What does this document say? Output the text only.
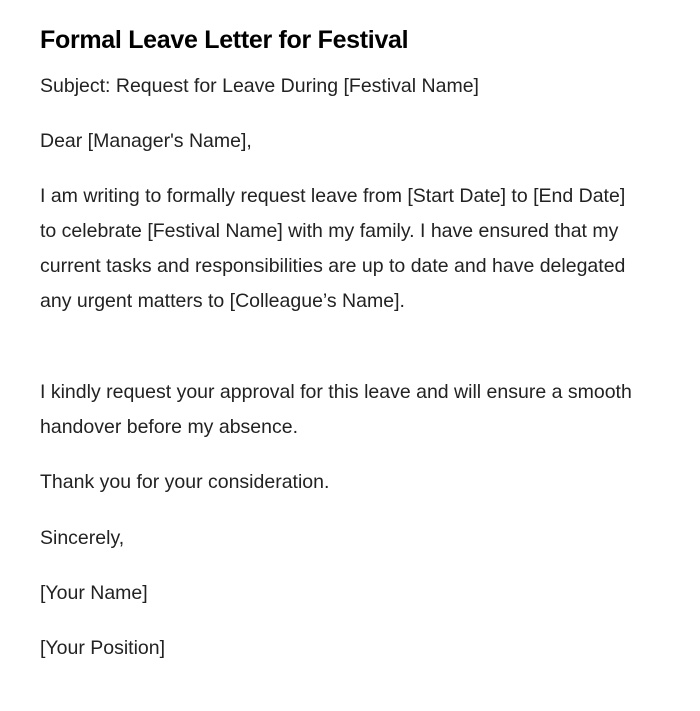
Formal Leave Letter for Festival

Subject: Request for Leave During [Festival Name]

Dear [Manager's Name],

I am writing to formally request leave from [Start Date] to [End Date] to celebrate [Festival Name] with my family. I have ensured that my current tasks and responsibilities are up to date and have delegated any urgent matters to [Colleague’s Name].

I kindly request your approval for this leave and will ensure a smooth handover before my absence.

Thank you for your consideration.

Sincerely,

[Your Name]

[Your Position]
